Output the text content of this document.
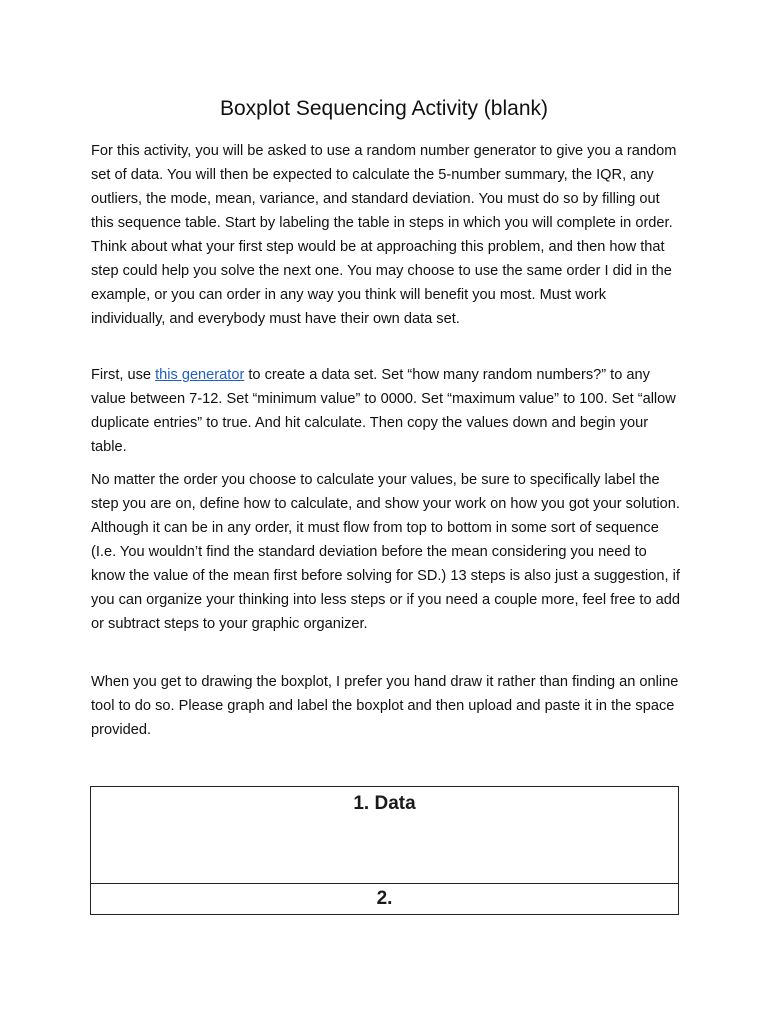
Boxplot Sequencing Activity (blank)

For this activity, you will be asked to use a random number generator to give you a random set of data. You will then be expected to calculate the 5-number summary, the IQR, any outliers, the mode, mean, variance, and standard deviation. You must do so by filling out this sequence table. Start by labeling the table in steps in which you will complete in order. Think about what your first step would be at approaching this problem, and then how that step could help you solve the next one. You may choose to use the same order I did in the example, or you can order in any way you think will benefit you most. Must work individually, and everybody must have their own data set.

First, use this generator to create a data set. Set “how many random numbers?” to any value between 7-12. Set “minimum value” to 0000. Set “maximum value” to 100. Set “allow duplicate entries” to true. And hit calculate. Then copy the values down and begin your table.

No matter the order you choose to calculate your values, be sure to specifically label the step you are on, define how to calculate, and show your work on how you got your solution. Although it can be in any order, it must flow from top to bottom in some sort of sequence (I.e. You wouldn’t find the standard deviation before the mean considering you need to know the value of the mean first before solving for SD.) 13 steps is also just a suggestion, if you can organize your thinking into less steps or if you need a couple more, feel free to add or subtract steps to your graphic organizer.

When you get to drawing the boxplot, I prefer you hand draw it rather than finding an online tool to do so. Please graph and label the boxplot and then upload and paste it in the space provided.

1. Data

2.
